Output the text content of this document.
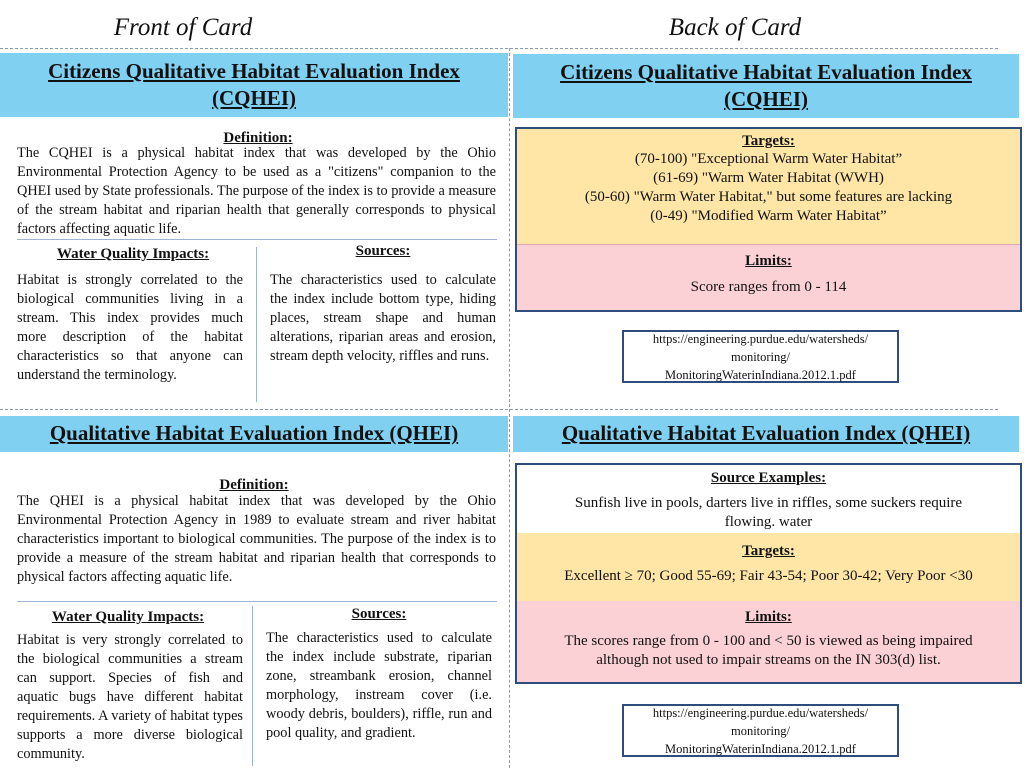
Front of Card	Back of Card
Citizens Qualitative Habitat Evaluation Index
(CQHEI)
Definition:

The CQHEI is a physical habitat index that was developed by the Ohio Environmental Protection Agency to be used as a "citizens" companion to the QHEI used by State professionals. The purpose of the index is to provide a measure of the stream habitat and riparian health that generally corresponds to physical factors affecting aquatic life.

Water Quality Impacts:

Habitat is strongly correlated to the biological communities living in a stream. This index provides much more description of the habitat characteristics so that anyone can understand the terminology.

Sources:

The characteristics used to calculate the index include bottom type, hiding places, stream shape and human alterations, riparian areas and erosion, stream depth velocity, riffles and runs.

Citizens Qualitative Habitat Evaluation Index
(CQHEI)
Targets:
(70-100) "Exceptional Warm Water Habitat”
(61-69) "Warm Water Habitat (WWH)
(50-60) "Warm Water Habitat," but some features are lacking
(0-49) "Modified Warm Water Habitat”
Limits:
Score ranges from 0 - 114
https://engineering.purdue.edu/watersheds/
monitoring/
MonitoringWaterinIndiana.2012.1.pdf
Qualitative Habitat Evaluation Index (QHEI)
Definition:

The QHEI is a physical habitat index that was developed by the Ohio Environmental Protection Agency in 1989 to evaluate stream and river habitat characteristics important to biological communities. The purpose of the index is to provide a measure of the stream habitat and riparian health that corresponds to physical factors affecting aquatic life.

Water Quality Impacts:

Habitat is very strongly correlated to the biological communities a stream can support. Species of fish and aquatic bugs have different habitat requirements. A variety of habitat types supports a more diverse biological community.

Sources:

The characteristics used to calculate the index include substrate, riparian zone, streambank erosion, channel morphology, instream cover (i.e. woody debris, boulders), riffle, run and pool quality, and gradient.

Qualitative Habitat Evaluation Index (QHEI)
Source Examples:
Sunfish live in pools, darters live in riffles, some suckers require flowing. water
Targets:
Excellent ≥ 70; Good 55-69; Fair 43-54; Poor 30-42; Very Poor <30
Limits:
The scores range from 0 - 100 and < 50 is viewed as being impaired although not used to impair streams on the IN 303(d) list.
https://engineering.purdue.edu/watersheds/
monitoring/
MonitoringWaterinIndiana.2012.1.pdf
